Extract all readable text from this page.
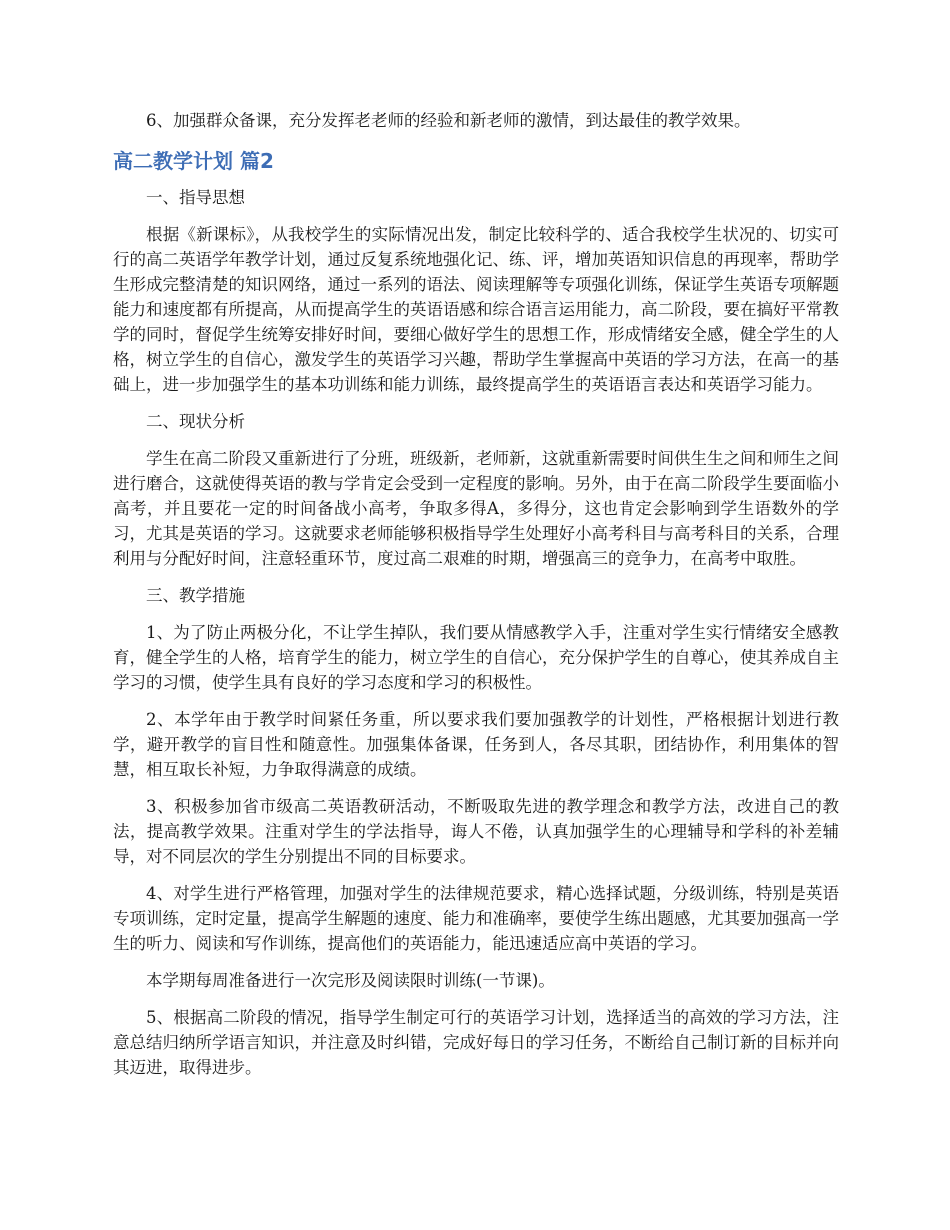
6、加强群众备课，充分发挥老老师的经验和新老师的激情，到达最佳的教学效果。

高二教学计划 篇2

一、指导思想

根据《新课标》，从我校学生的实际情况出发，制定比较科学的、适合我校学生状况的、切实可行的高二英语学年教学计划，通过反复系统地强化记、练、评，增加英语知识信息的再现率，帮助学生形成完整清楚的知识网络，通过一系列的语法、阅读理解等专项强化训练，保证学生英语专项解题能力和速度都有所提高，从而提高学生的英语语感和综合语言运用能力，高二阶段，要在搞好平常教学的同时，督促学生统筹安排好时间，要细心做好学生的思想工作，形成情绪安全感，健全学生的人格，树立学生的自信心，激发学生的英语学习兴趣，帮助学生掌握高中英语的学习方法，在高一的基础上，进一步加强学生的基本功训练和能力训练，最终提高学生的英语语言表达和英语学习能力。

二、现状分析

学生在高二阶段又重新进行了分班，班级新，老师新，这就重新需要时间供生生之间和师生之间进行磨合，这就使得英语的教与学肯定会受到一定程度的影响。另外，由于在高二阶段学生要面临小高考，并且要花一定的时间备战小高考，争取多得A，多得分，这也肯定会影响到学生语数外的学习，尤其是英语的学习。这就要求老师能够积极指导学生处理好小高考科目与高考科目的关系，合理利用与分配好时间，注意轻重环节，度过高二艰难的时期，增强高三的竞争力，在高考中取胜。

三、教学措施

1、为了防止两极分化，不让学生掉队，我们要从情感教学入手，注重对学生实行情绪安全感教育，健全学生的人格，培育学生的能力，树立学生的自信心，充分保护学生的自尊心，使其养成自主学习的习惯，使学生具有良好的学习态度和学习的积极性。

2、本学年由于教学时间紧任务重，所以要求我们要加强教学的计划性，严格根据计划进行教学，避开教学的盲目性和随意性。加强集体备课，任务到人，各尽其职，团结协作，利用集体的智慧，相互取长补短，力争取得满意的成绩。

3、积极参加省市级高二英语教研活动，不断吸取先进的教学理念和教学方法，改进自己的教法，提高教学效果。注重对学生的学法指导，诲人不倦，认真加强学生的心理辅导和学科的补差辅导，对不同层次的学生分别提出不同的目标要求。

4、对学生进行严格管理，加强对学生的法律规范要求，精心选择试题，分级训练，特别是英语专项训练，定时定量，提高学生解题的速度、能力和准确率，要使学生练出题感，尤其要加强高一学生的听力、阅读和写作训练，提高他们的英语能力，能迅速适应高中英语的学习。

本学期每周准备进行一次完形及阅读限时训练(一节课)。

5、根据高二阶段的情况，指导学生制定可行的英语学习计划，选择适当的高效的学习方法，注意总结归纳所学语言知识，并注意及时纠错，完成好每日的学习任务，不断给自己制订新的目标并向其迈进，取得进步。
